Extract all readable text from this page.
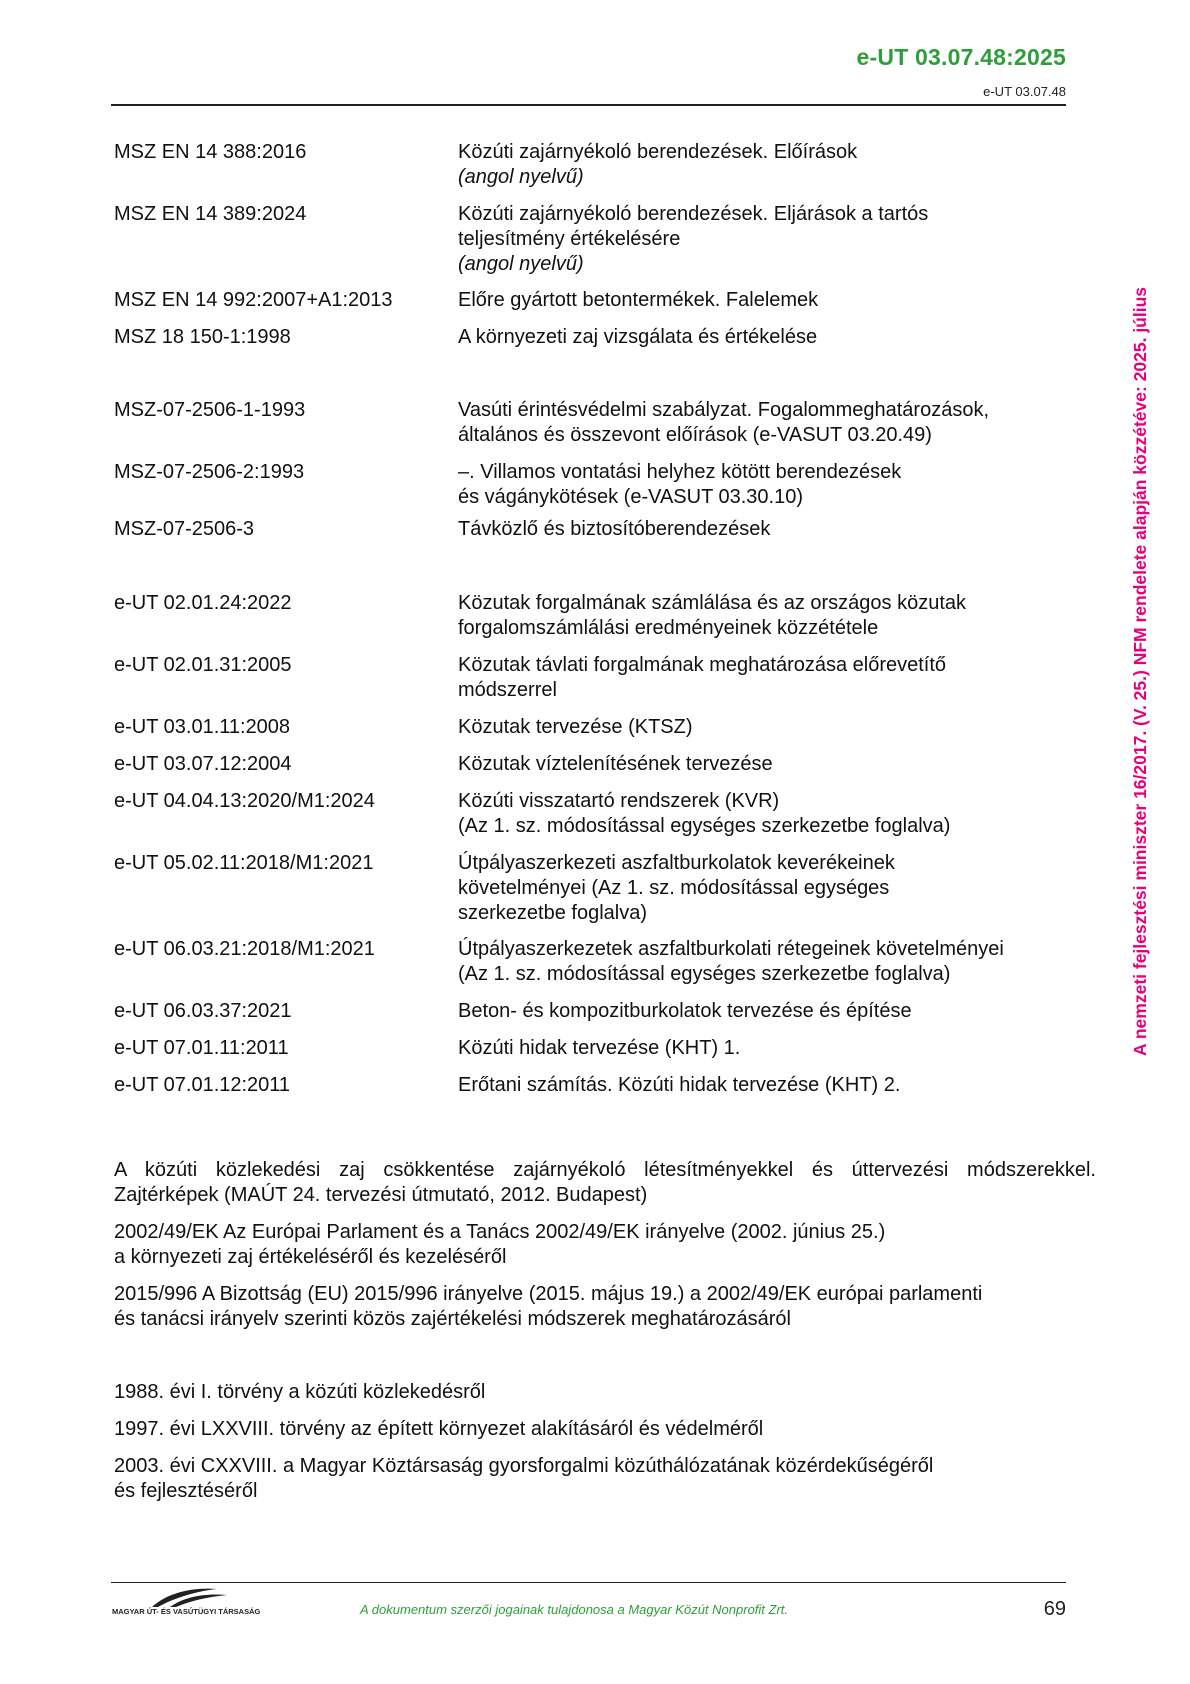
e-UT 03.07.48:2025
e-UT 03.07.48
A nemzeti fejlesztési miniszter 16/2017. (V. 25.) NFM rendelete alapján közzétéve: 2025. július
MSZ EN 14 388:2016	Közúti zajárnyékoló berendezések. Előírások
(angol nyelvű)
MSZ EN 14 389:2024	Közúti zajárnyékoló berendezések. Eljárások a tartós
teljesítmény értékelésére
(angol nyelvű)
MSZ EN 14 992:2007+A1:2013	Előre gyártott betontermékek. Falelemek
MSZ 18 150-1:1998	A környezeti zaj vizsgálata és értékelése
MSZ-07-2506-1-1993	Vasúti érintésvédelmi szabályzat. Fogalommeghatározások,
általános és összevont előírások (e-VASUT 03.20.49)
MSZ-07-2506-2:1993	–. Villamos vontatási helyhez kötött berendezések
és vágánykötések (e-VASUT 03.30.10)
MSZ-07-2506-3	Távközlő és biztosítóberendezések
e-UT 02.01.24:2022	Közutak forgalmának számlálása és az országos közutak
forgalomszámlálási eredményeinek közzététele
e-UT 02.01.31:2005	Közutak távlati forgalmának meghatározása előrevetítő
módszerrel
e-UT 03.01.11:2008	Közutak tervezése (KTSZ)
e-UT 03.07.12:2004	Közutak víztelenítésének tervezése
e-UT 04.04.13:2020/M1:2024	Közúti visszatartó rendszerek (KVR)
(Az 1. sz. módosítással egységes szerkezetbe foglalva)
e-UT 05.02.11:2018/M1:2021	Útpályaszerkezeti aszfaltburkolatok keverékeinek
követelményei (Az 1. sz. módosítással egységes
szerkezetbe foglalva)
e-UT 06.03.21:2018/M1:2021	Útpályaszerkezetek aszfaltburkolati rétegeinek követelményei
(Az 1. sz. módosítással egységes szerkezetbe foglalva)
e-UT 06.03.37:2021	Beton- és kompozitburkolatok tervezése és építése
e-UT 07.01.11:2011	Közúti hidak tervezése (KHT) 1.
e-UT 07.01.12:2011	Erőtani számítás. Közúti hidak tervezése (KHT) 2.
A közúti közlekedési zaj csökkentése zajárnyékoló létesítményekkel és úttervezési módszerekkel.
Zajtérképek (MAÚT 24. tervezési útmutató, 2012. Budapest)
2002/49/EK Az Európai Parlament és a Tanács 2002/49/EK irányelve (2002. június 25.)
a környezeti zaj értékeléséről és kezeléséről
2015/996 A Bizottság (EU) 2015/996 irányelve (2015. május 19.) a 2002/49/EK európai parlamenti
és tanácsi irányelv szerinti közös zajértékelési módszerek meghatározásáról
1988. évi I. törvény a közúti közlekedésről
1997. évi LXXVIII. törvény az épített környezet alakításáról és védelméről
2003. évi CXXVIII. a Magyar Köztársaság gyorsforgalmi közúthálózatának közérdekűségéről
és fejlesztéséről
MAGYAR ÚT- ÉS VASÚTÜGYI TÁRSASÁG	A dokumentum szerzői jogainak tulajdonosa a Magyar Közút Nonprofit Zrt.	69
